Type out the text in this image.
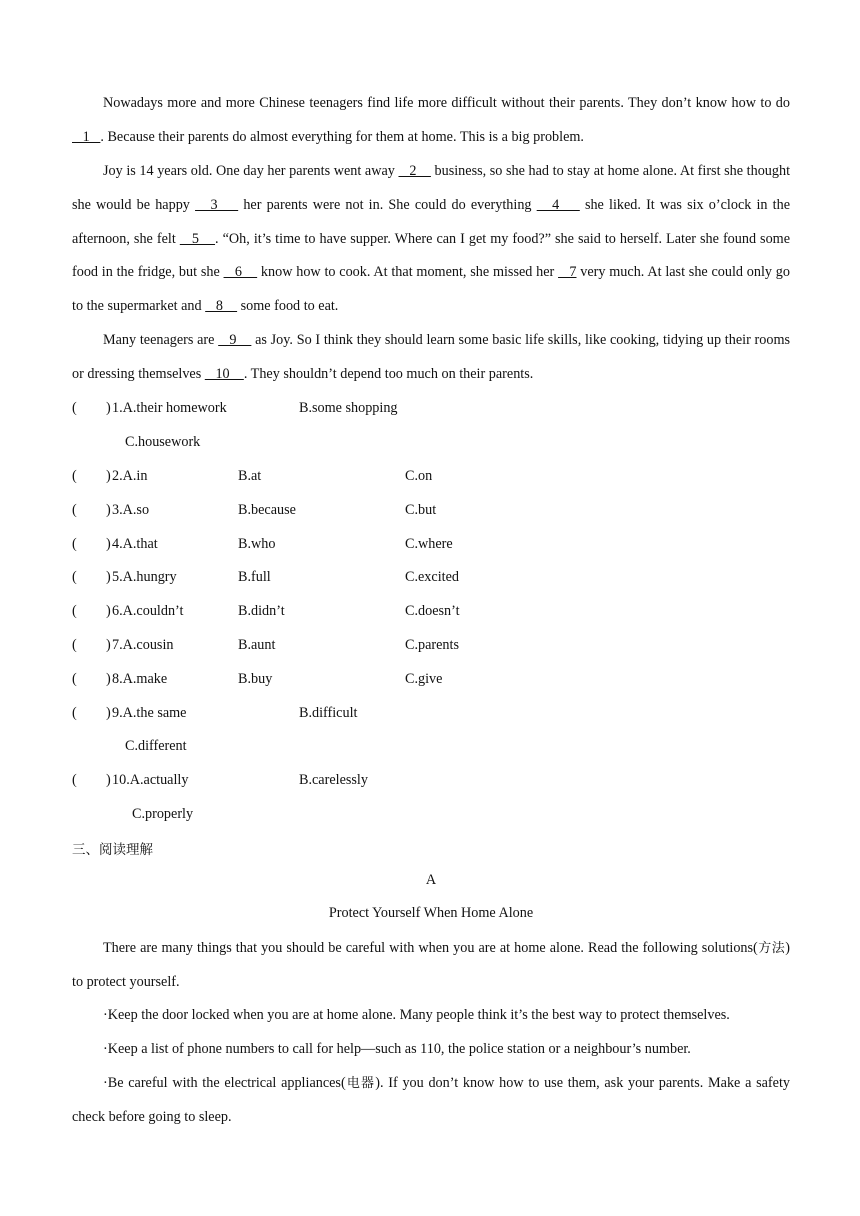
Nowadays more and more Chinese teenagers find life more difficult without their parents. They don’t know how to do    1   . Because their parents do almost everything for them at home. This is a big problem.

Joy is 14 years old. One day her parents went away    2     business, so she had to stay at home alone. At first she thought she would be happy    3     her parents were not in. She could do everything    4     she liked. It was six o’clock in the afternoon, she felt    5    . “Oh, it’s time to have supper. Where can I get my food?” she said to herself. Later she found some food in the fridge, but she    6     know how to cook. At that moment, she missed her    7 very much. At last she could only go to the supermarket and    8     some food to eat.

Many teenagers are    9     as Joy. So I think they should learn some basic life skills, like cooking, tidying up their rooms or dressing themselves    10    . They shouldn’t depend too much on their parents.

( ) 1.A.their homework	B.some shopping
C.housework
( ) 2.A.in	B.at	C.on
( ) 3.A.so	B.because	C.but
( ) 4.A.that	B.who	C.where
( ) 5.A.hungry	B.full	C.excited
( ) 6.A.couldn’t	B.didn’t	C.doesn’t
( ) 7.A.cousin	B.aunt	C.parents
( ) 8.A.make	B.buy	C.give
( ) 9.A.the same	B.difficult
C.different
( ) 10.A.actually	B.carelessly
C.properly
三、阅读理解
A
Protect Yourself When Home Alone

There are many things that you should be careful with when you are at home alone. Read the following solutions(方法) to protect yourself.

·Keep the door locked when you are at home alone. Many people think it’s the best way to protect themselves.

·Keep a list of phone numbers to call for help—such as 110, the police station or a neighbour’s number.

·Be careful with the electrical appliances(电器). If you don’t know how to use them, ask your parents. Make a safety check before going to sleep.
